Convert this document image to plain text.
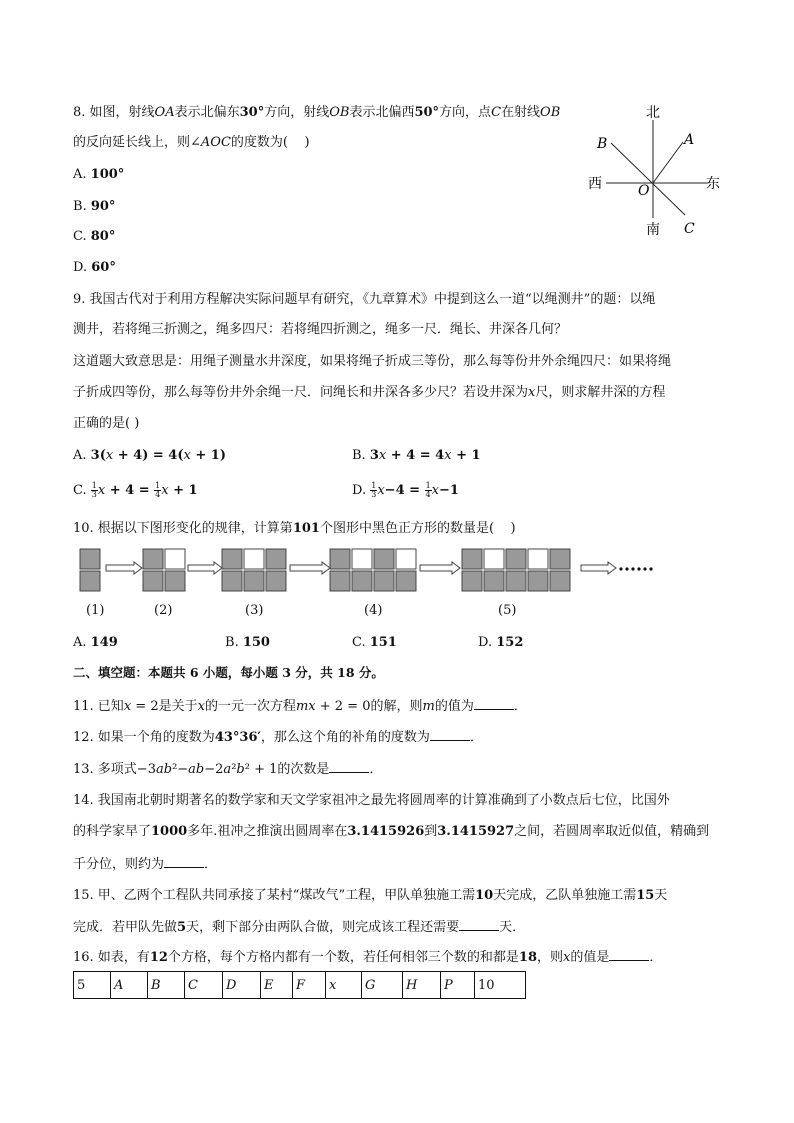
8. 如图，射线OA表示北偏东30°方向，射线OB表示北偏西50°方向，点C在射线OB
的反向延长线上，则∠AOC的度数为(    )
A. 100°
B. 90°
C. 80°
D. 60°
北
南
东
西
A
B
C
O
9. 我国古代对于利用方程解决实际问题早有研究，《九章算术》中提到这么一道“以绳测井”的题：以绳
测井，若将绳三折测之，绳多四尺：若将绳四折测之，绳多一尺．绳长、井深各几何？
这道题大致意思是：用绳子测量水井深度，如果将绳子折成三等份，那么每等份井外余绳四尺：如果将绳
子折成四等份，那么每等份井外余绳一尺．问绳长和井深各多少尺？若设井深为x尺，则求解井深的方程
正确的是( )
A. 3(x + 4) = 4(x + 1)	B. 3x + 4 = 4x + 1
C. $\frac{1}{3}$ $x + 4 = \frac{1}{4}$ x + 1	D. $\frac{1}{3} x-4 = \frac{1}{4} x-1$
10. 根据以下图形变化的规律，计算第101个图形中黑色正方形的数量是(    )
(1)	(2)	(3)	(4)	(5)
A. 149	B. 150	C. 151	D. 152
二、填空题：本题共 6 小题，每小题 3 分，共 18 分。
11. 已知x = 2是关于x的一元一次方程mx + 2 = 0的解，则m的值为	．
12. 如果一个角的度数为43°36′，那么这个角的补角的度数为	．
13. 多项式−3ab²−ab−2a²b² + 1的次数是	．
14. 我国南北朝时期著名的数学家和天文学家祖冲之最先将圆周率的计算准确到了小数点后七位，比国外
的科学家早了1000多年.祖冲之推演出圆周率在3.1415926到3.1415927之间，若圆周率取近似值，精确到
千分位，则约为	．
15. 甲、乙两个工程队共同承接了某村“煤改气”工程，甲队单独施工需10天完成，乙队单独施工需15天
完成．若甲队先做5天，剩下部分由两队合做，则完成该工程还需要	天．
16. 如表，有12个方格，每个方格内都有一个数，若任何相邻三个数的和都是18，则x的值是	．
5	A	B	C	D	E	F	x	G	H	P	10
